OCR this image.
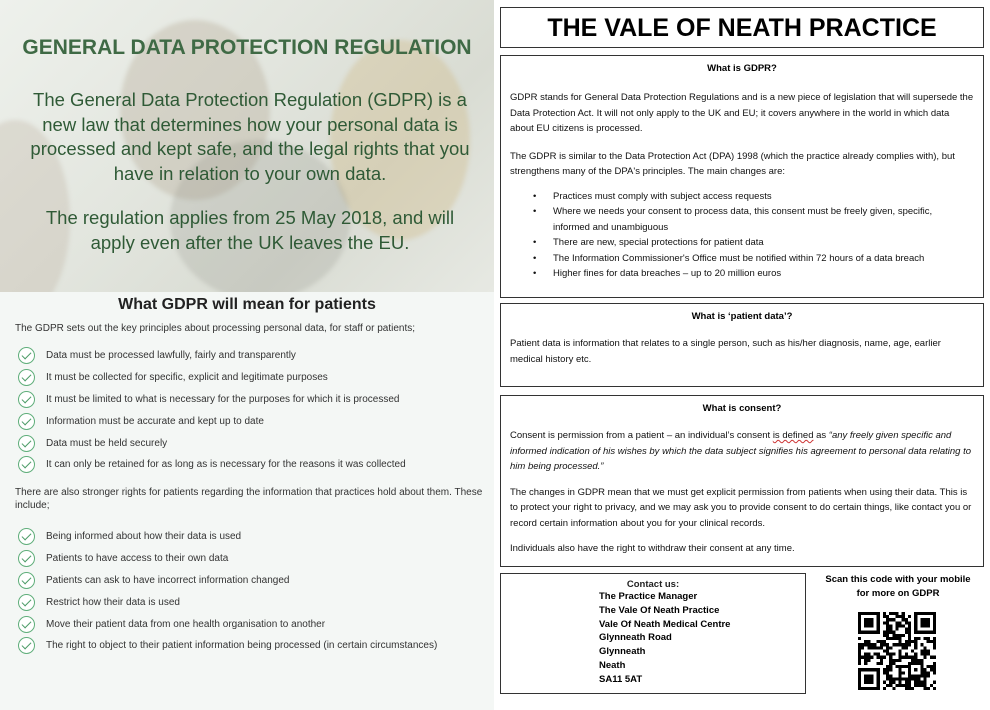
GENERAL DATA PROTECTION REGULATION

The General Data Protection Regulation (GDPR) is a new law that determines how your personal data is processed and kept safe, and the legal rights that you have in relation to your own data.

The regulation applies from 25 May 2018, and will apply even after the UK leaves the EU.

What GDPR will mean for patients

The GDPR sets out the key principles about processing personal data, for staff or patients;

Data must be processed lawfully, fairly and transparently
It must be collected for specific, explicit and legitimate purposes
It must be limited to what is necessary for the purposes for which it is processed
Information must be accurate and kept up to date
Data must be held securely
It can only be retained for as long as is necessary for the reasons it was collected

There are also stronger rights for patients regarding the information that practices hold about them. These include;

Being informed about how their data is used
Patients to have access to their own data
Patients can ask to have incorrect information changed
Restrict how their data is used
Move their patient data from one health organisation to another
The right to object to their patient information being processed (in certain circumstances)
THE VALE OF NEATH PRACTICE
What is GDPR?

GDPR stands for General Data Protection Regulations and is a new piece of legislation that will supersede the Data Protection Act. It will not only apply to the UK and EU; it covers anywhere in the world in which data about EU citizens is processed.

The GDPR is similar to the Data Protection Act (DPA) 1998 (which the practice already complies with), but strengthens many of the DPA's principles. The main changes are:

• Practices must comply with subject access requests
• Where we needs your consent to process data, this consent must be freely given, specific, informed and unambiguous
• There are new, special protections for patient data
• The Information Commissioner's Office must be notified within 72 hours of a data breach
• Higher fines for data breaches – up to 20 million euros
What is ‘patient data’?

Patient data is information that relates to a single person, such as his/her diagnosis, name, age, earlier medical history etc.

What is consent?

Consent is permission from a patient – an individual’s consent is defined as “any freely given specific and informed indication of his wishes by which the data subject signifies his agreement to personal data relating to him being processed.”

The changes in GDPR mean that we must get explicit permission from patients when using their data. This is to protect your right to privacy, and we may ask you to provide consent to do certain things, like contact you or record certain information about you for your clinical records.

Individuals also have the right to withdraw their consent at any time.

Contact us:
The Practice Manager
The Vale Of Neath Practice
Vale Of Neath Medical Centre
Glynneath Road
Glynneath
Neath
SA11 5AT
Scan this code with your mobile
for more on GDPR
